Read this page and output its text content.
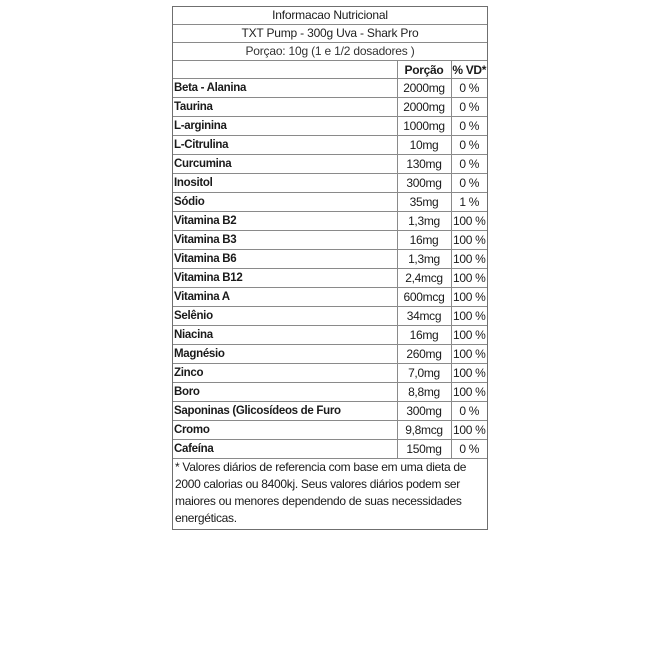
Informacao Nutricional
TXT Pump - 300g Uva - Shark Pro
Porçao: 10g (1 e 1/2 dosadores )
	Porção	% VD*
Beta - Alanina	2000mg	0 %
Taurina	2000mg	0 %
L-arginina	1000mg	0 %
L-Citrulina	10mg	0 %
Curcumina	130mg	0 %
Inositol	300mg	0 %
Sódio	35mg	1 %
Vitamina B2	1,3mg	100 %
Vitamina B3	16mg	100 %
Vitamina B6	1,3mg	100 %
Vitamina B12	2,4mcg	100 %
Vitamina A	600mcg	100 %
Selênio	34mcg	100 %
Niacina	16mg	100 %
Magnésio	260mg	100 %
Zinco	7,0mg	100 %
Boro	8,8mg	100 %
Saponinas (Glicosídeos de Furo	300mg	0 %
Cromo	9,8mcg	100 %
Cafeína	150mg	0 %
* Valores diários de referencia com base em uma dieta de 2000 calorias ou 8400kj. Seus valores diários podem ser maiores ou menores dependendo de suas necessidades energéticas.
